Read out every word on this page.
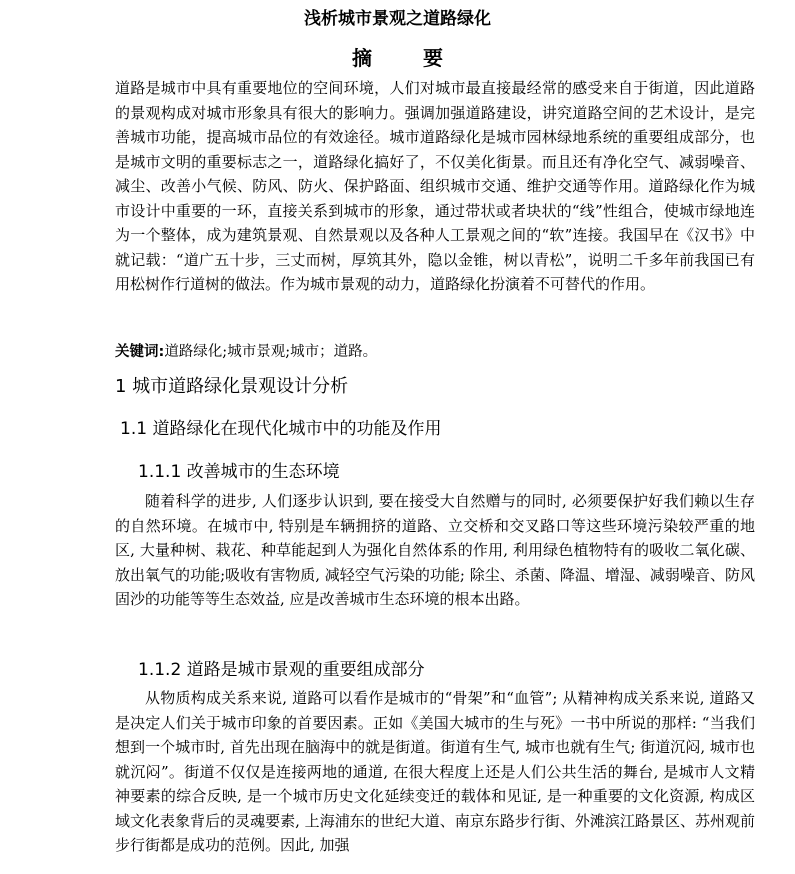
浅析城市景观之道路绿化
摘 要

道路是城市中具有重要地位的空间环境，人们对城市最直接最经常的感受来自于街道，因此道路的景观构成对城市形象具有很大的影响力。强调加强道路建设，讲究道路空间的艺术设计，是完善城市功能，提高城市品位的有效途径。城市道路绿化是城市园林绿地系统的重要组成部分，也是城市文明的重要标志之一，道路绿化搞好了，不仅美化街景。而且还有净化空气、减弱噪音、减尘、改善小气候、防风、防火、保护路面、组织城市交通、维护交通等作用。道路绿化作为城市设计中重要的一环，直接关系到城市的形象，通过带状或者块状的“线”性组合，使城市绿地连为一个整体，成为建筑景观、自然景观以及各种人工景观之间的“软”连接。我国早在《汉书》中就记载：“道广五十步，三丈而树，厚筑其外，隐以金锥，树以青松”，说明二千多年前我国已有用松树作行道树的做法。作为城市景观的动力，道路绿化扮演着不可替代的作用。

关键词:道路绿化;城市景观;城市；道路。
1 城市道路绿化景观设计分析
1.1 道路绿化在现代化城市中的功能及作用
1.1.1 改善城市的生态环境

随着科学的进步, 人们逐步认识到, 要在接受大自然赠与的同时, 必须要保护好我们赖以生存的自然环境。在城市中, 特别是车辆拥挤的道路、立交桥和交叉路口等这些环境污染较严重的地区, 大量种树、栽花、种草能起到人为强化自然体系的作用, 利用绿色植物特有的吸收二氧化碳、放出氧气的功能;吸收有害物质, 减轻空气污染的功能; 除尘、杀菌、降温、增湿、减弱噪音、防风固沙的功能等等生态效益, 应是改善城市生态环境的根本出路。

1.1.2 道路是城市景观的重要组成部分

从物质构成关系来说, 道路可以看作是城市的“骨架”和“血管”; 从精神构成关系来说, 道路又是决定人们关于城市印象的首要因素。正如《美国大城市的生与死》一书中所说的那样: “当我们想到一个城市时, 首先出现在脑海中的就是街道。街道有生气, 城市也就有生气; 街道沉闷, 城市也就沉闷”。街道不仅仅是连接两地的通道, 在很大程度上还是人们公共生活的舞台, 是城市人文精神要素的综合反映, 是一个城市历史文化延续变迁的载体和见证, 是一种重要的文化资源, 构成区域文化表象背后的灵魂要素, 上海浦东的世纪大道、南京东路步行街、外滩滨江路景区、苏州观前步行街都是成功的范例。因此, 加强
